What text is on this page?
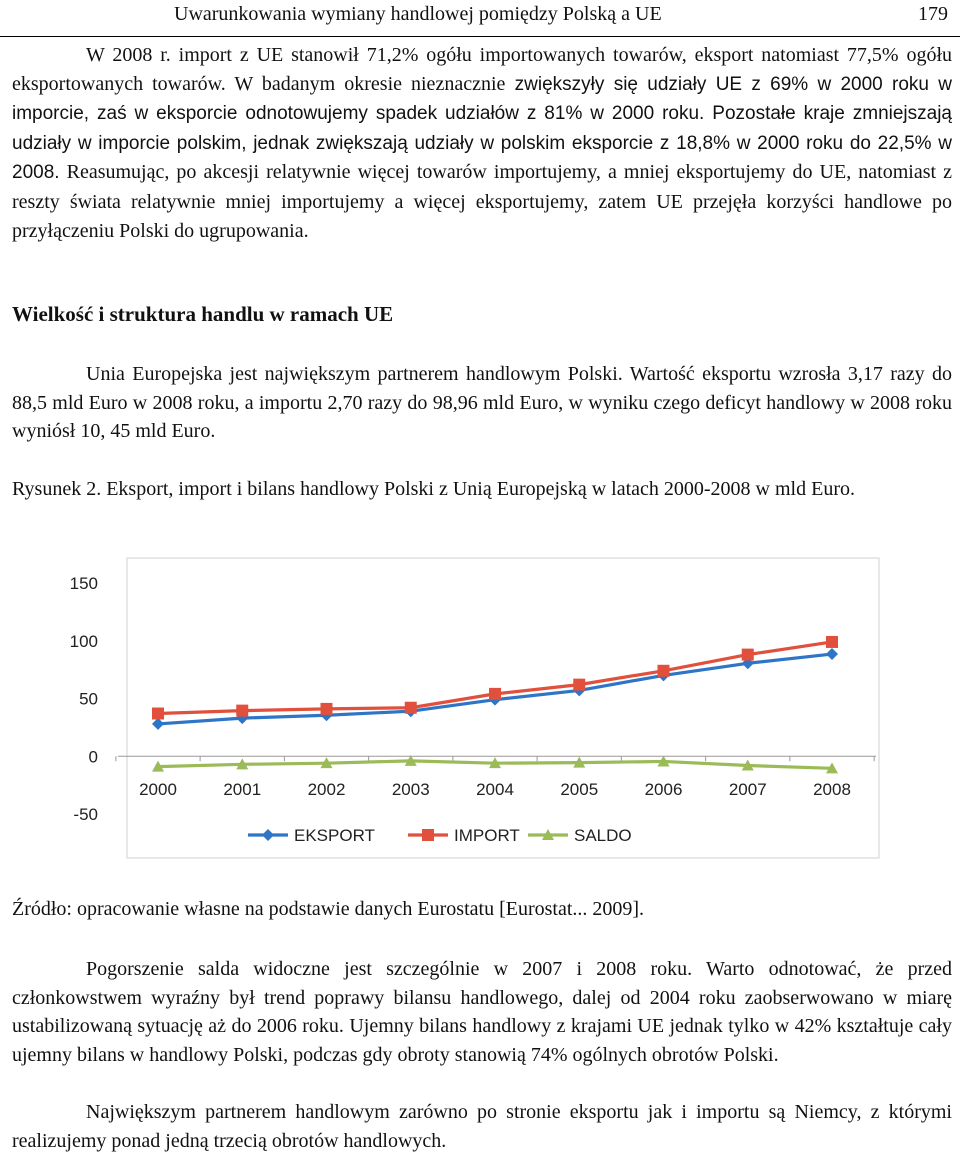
Uwarunkowania wymiany handlowej pomiędzy Polską a UE	179

W 2008 r. import z UE stanowił 71,2% ogółu importowanych towarów, eksport natomiast 77,5% ogółu eksportowanych towarów. W badanym okresie nieznacznie zwiększyły się udziały UE z 69% w 2000 roku w imporcie, zaś w eksporcie odnotowujemy spadek udziałów z 81% w 2000 roku. Pozostałe kraje zmniejszają udziały w imporcie polskim, jednak zwiększają udziały w polskim eksporcie z 18,8% w 2000 roku do 22,5% w 2008. Reasumując, po akcesji relatywnie więcej towarów importujemy, a mniej eksportujemy do UE, natomiast z reszty świata relatywnie mniej importujemy a więcej eksportujemy, zatem UE przejęła korzyści handlowe po przyłączeniu Polski do ugrupowania.

Wielkość i struktura handlu w ramach UE

Unia Europejska jest największym partnerem handlowym Polski. Wartość eksportu wzrosła 3,17 razy do 88,5 mld Euro w 2008 roku, a importu 2,70 razy do 98,96 mld Euro, w wyniku czego deficyt handlowy w 2008 roku wyniósł 10, 45 mld Euro.

Rysunek 2. Eksport, import i bilans handlowy Polski z Unią Europejską w latach 2000-2008 w mld Euro.

150
100
50
0
-50
2000	2001	2002	2003	2004	2005	2006	2007	2008
EKSPORT	IMPORT	SALDO

Źródło: opracowanie własne na podstawie danych Eurostatu [Eurostat... 2009].

Pogorszenie salda widoczne jest szczególnie w 2007 i 2008 roku. Warto odnotować, że przed członkowstwem wyraźny był trend poprawy bilansu handlowego, dalej od 2004 roku zaobserwowano w miarę ustabilizowaną sytuację aż do 2006 roku. Ujemny bilans handlowy z krajami UE jednak tylko w 42% kształtuje cały ujemny bilans w handlowy Polski, podczas gdy obroty stanowią 74% ogólnych obrotów Polski.

Największym partnerem handlowym zarówno po stronie eksportu jak i importu są Niemcy, z którymi realizujemy ponad jedną trzecią obrotów handlowych.
